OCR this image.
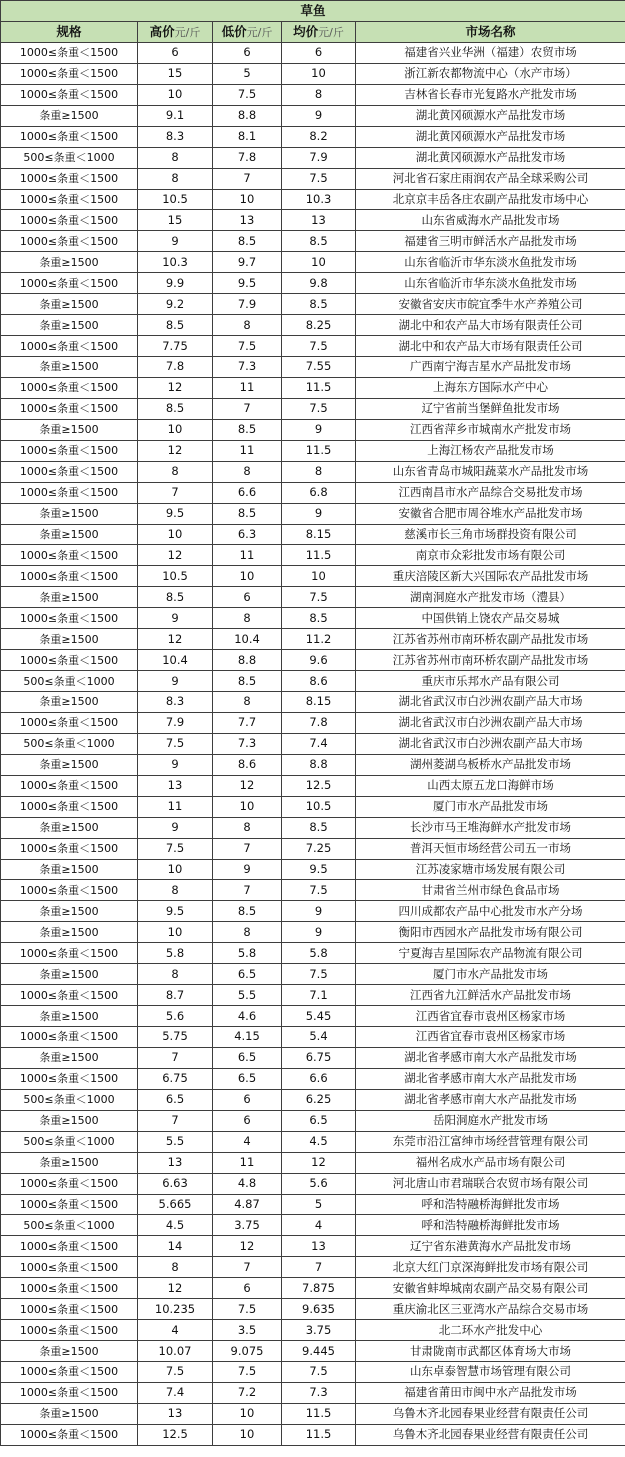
草鱼				
规格	高价元/斤	低价元/斤	均价元/斤	市场名称
1000≤条重＜1500	6	6	6	福建省兴业华洲（福建）农贸市场
1000≤条重＜1500	15	5	10	浙江新农都物流中心（水产市场）
1000≤条重＜1500	10	7.5	8	吉林省长春市光复路水产批发市场
条重≥1500	9.1	8.8	9	湖北黄冈硕源水产品批发市场
1000≤条重＜1500	8.3	8.1	8.2	湖北黄冈硕源水产品批发市场
500≤条重＜1000	8	7.8	7.9	湖北黄冈硕源水产品批发市场
1000≤条重＜1500	8	7	7.5	河北省石家庄雨润农产品全球采购公司
1000≤条重＜1500	10.5	10	10.3	北京京丰岳各庄农副产品批发市场中心
1000≤条重＜1500	15	13	13	山东省威海水产品批发市场
1000≤条重＜1500	9	8.5	8.5	福建省三明市鲜活水产品批发市场
条重≥1500	10.3	9.7	10	山东省临沂市华东淡水鱼批发市场
1000≤条重＜1500	9.9	9.5	9.8	山东省临沂市华东淡水鱼批发市场
条重≥1500	9.2	7.9	8.5	安徽省安庆市皖宜季牛水产养殖公司
条重≥1500	8.5	8	8.25	湖北中和农产品大市场有限责任公司
1000≤条重＜1500	7.75	7.5	7.5	湖北中和农产品大市场有限责任公司
条重≥1500	7.8	7.3	7.55	广西南宁海吉星水产品批发市场
1000≤条重＜1500	12	11	11.5	上海东方国际水产中心
1000≤条重＜1500	8.5	7	7.5	辽宁省前当堡鲜鱼批发市场
条重≥1500	10	8.5	9	江西省萍乡市城南水产批发市场
1000≤条重＜1500	12	11	11.5	上海江杨农产品批发市场
1000≤条重＜1500	8	8	8	山东省青岛市城阳蔬菜水产品批发市场
1000≤条重＜1500	7	6.6	6.8	江西南昌市水产品综合交易批发市场
条重≥1500	9.5	8.5	9	安徽省合肥市周谷堆水产品批发市场
条重≥1500	10	6.3	8.15	慈溪市长三角市场群投资有限公司
1000≤条重＜1500	12	11	11.5	南京市众彩批发市场有限公司
1000≤条重＜1500	10.5	10	10	重庆涪陵区新大兴国际农产品批发市场
条重≥1500	8.5	6	7.5	湖南洞庭水产批发市场（澧县）
1000≤条重＜1500	9	8	8.5	中国供销上饶农产品交易城
条重≥1500	12	10.4	11.2	江苏省苏州市南环桥农副产品批发市场
1000≤条重＜1500	10.4	8.8	9.6	江苏省苏州市南环桥农副产品批发市场
500≤条重＜1000	9	8.5	8.6	重庆市乐邦水产品有限公司
条重≥1500	8.3	8	8.15	湖北省武汉市白沙洲农副产品大市场
1000≤条重＜1500	7.9	7.7	7.8	湖北省武汉市白沙洲农副产品大市场
500≤条重＜1000	7.5	7.3	7.4	湖北省武汉市白沙洲农副产品大市场
条重≥1500	9	8.6	8.8	湖州菱湖乌板桥水产品批发市场
1000≤条重＜1500	13	12	12.5	山西太原五龙口海鲜市场
1000≤条重＜1500	11	10	10.5	厦门市水产品批发市场
条重≥1500	9	8	8.5	长沙市马王堆海鲜水产批发市场
1000≤条重＜1500	7.5	7	7.25	普洱天恒市场经营公司五一市场
条重≥1500	10	9	9.5	江苏凌家塘市场发展有限公司
1000≤条重＜1500	8	7	7.5	甘肃省兰州市绿色食品市场
条重≥1500	9.5	8.5	9	四川成都农产品中心批发市水产分场
条重≥1500	10	8	9	衡阳市西园水产品批发市场有限公司
1000≤条重＜1500	5.8	5.8	5.8	宁夏海吉星国际农产品物流有限公司
条重≥1500	8	6.5	7.5	厦门市水产品批发市场
1000≤条重＜1500	8.7	5.5	7.1	江西省九江鲜活水产品批发市场
条重≥1500	5.6	4.6	5.45	江西省宜春市袁州区杨家市场
1000≤条重＜1500	5.75	4.15	5.4	江西省宜春市袁州区杨家市场
条重≥1500	7	6.5	6.75	湖北省孝感市南大水产品批发市场
1000≤条重＜1500	6.75	6.5	6.6	湖北省孝感市南大水产品批发市场
500≤条重＜1000	6.5	6	6.25	湖北省孝感市南大水产品批发市场
条重≥1500	7	6	6.5	岳阳洞庭水产批发市场
500≤条重＜1000	5.5	4	4.5	东莞市沿江富绅市场经营管理有限公司
条重≥1500	13	11	12	福州名成水产品市场有限公司
1000≤条重＜1500	6.63	4.8	5.6	河北唐山市君瑞联合农贸市场有限公司
1000≤条重＜1500	5.665	4.87	5	呼和浩特融桥海鲜批发市场
500≤条重＜1000	4.5	3.75	4	呼和浩特融桥海鲜批发市场
1000≤条重＜1500	14	12	13	辽宁省东港黄海水产品批发市场
1000≤条重＜1500	8	7	7	北京大红门京深海鲜批发市场有限公司
1000≤条重＜1500	12	6	7.875	安徽省蚌埠城南农副产品交易有限公司
1000≤条重＜1500	10.235	7.5	9.635	重庆渝北区三亚湾水产品综合交易市场
1000≤条重＜1500	4	3.5	3.75	北二环水产批发中心
条重≥1500	10.07	9.075	9.445	甘肃陇南市武都区体育场大市场
1000≤条重＜1500	7.5	7.5	7.5	山东卓泰智慧市场管理有限公司
1000≤条重＜1500	7.4	7.2	7.3	福建省莆田市闽中水产品批发市场
条重≥1500	13	10	11.5	乌鲁木齐北园春果业经营有限责任公司
1000≤条重＜1500	12.5	10	11.5	乌鲁木齐北园春果业经营有限责任公司
